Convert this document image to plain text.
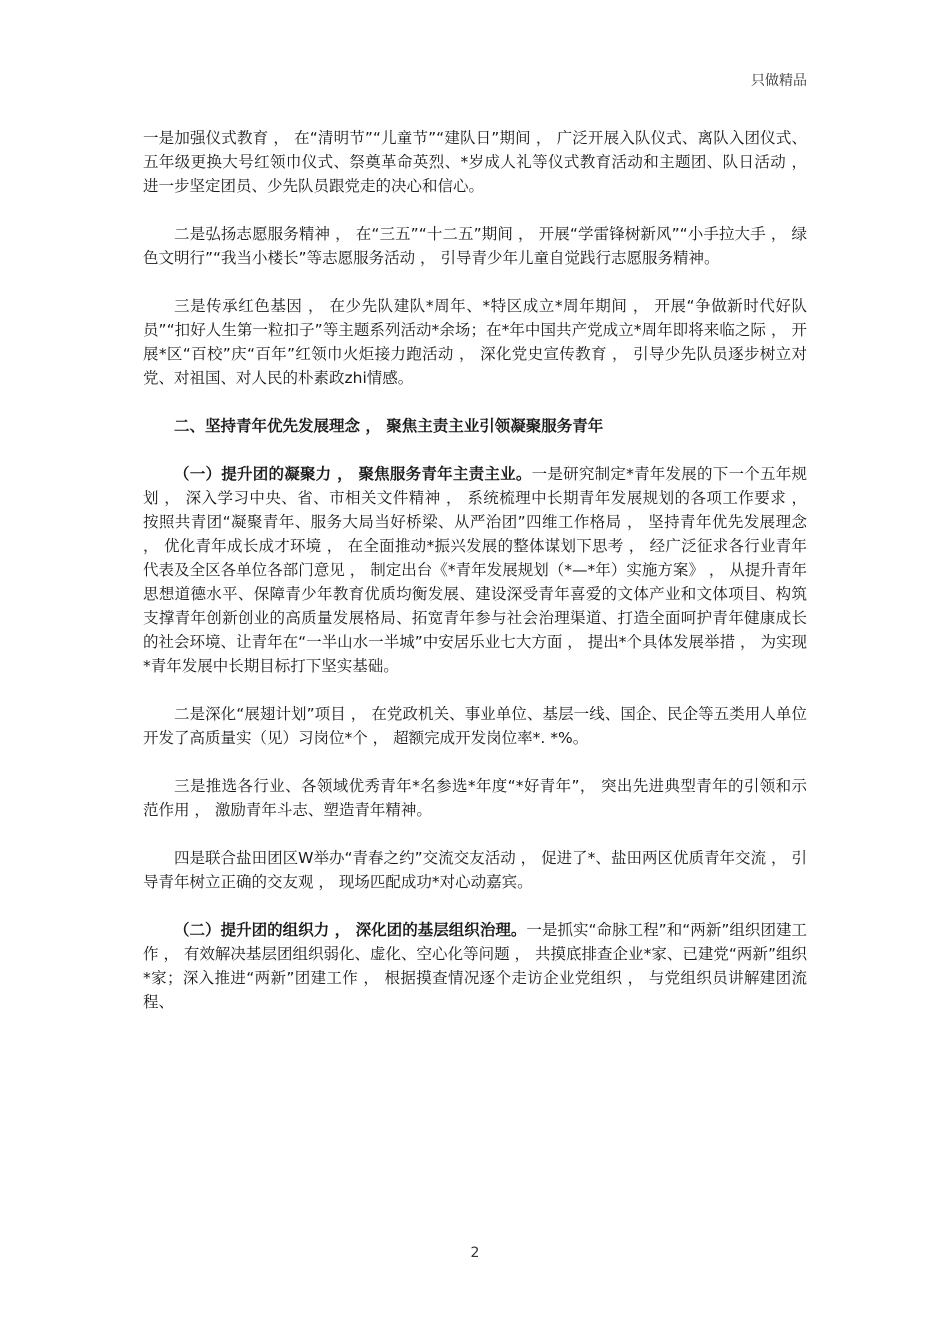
只做精品

一是加强仪式教育 ， 在“清明节”“儿童节”“建队日”期间 ， 广泛开展入队仪式、离队入团仪式、五年级更换大号红领巾仪式、祭奠革命英烈、*岁成人礼等仪式教育活动和主题团、队日活动 ， 进一步坚定团员、少先队员跟党走的决心和信心。

二是弘扬志愿服务精神 ， 在“三五”“十二五”期间 ， 开展“学雷锋树新风”“小手拉大手 ， 绿色文明行”“我当小楼长”等志愿服务活动 ， 引导青少年儿童自觉践行志愿服务精神。

三是传承红色基因 ， 在少先队建队*周年、*特区成立*周年期间 ， 开展“争做新时代好队员”“扣好人生第一粒扣子”等主题系列活动*余场；在*年中国共产党成立*周年即将来临之际 ， 开展*区“百校”庆“百年”红领巾火炬接力跑活动 ， 深化党史宣传教育 ， 引导少先队员逐步树立对党、对祖国、对人民的朴素政zhi情感。

二、坚持青年优先发展理念 ， 聚焦主责主业引领凝聚服务青年

（一）提升团的凝聚力 ， 聚焦服务青年主责主业。一是研究制定*青年发展的下一个五年规划 ， 深入学习中央、省、市相关文件精神 ， 系统梳理中长期青年发展规划的各项工作要求 ， 按照共青团“凝聚青年、服务大局当好桥梁、从严治团”四维工作格局 ， 坚持青年优先发展理念 ， 优化青年成长成才环境 ， 在全面推动*振兴发展的整体谋划下思考 ， 经广泛征求各行业青年代表及全区各单位各部门意见 ， 制定出台《*青年发展规划（*—*年）实施方案》 ， 从提升青年思想道德水平、保障青少年教育优质均衡发展、建设深受青年喜爱的文体产业和文体项目、构筑支撑青年创新创业的高质量发展格局、拓宽青年参与社会治理渠道、打造全面呵护青年健康成长的社会环境、让青年在“一半山水一半城”中安居乐业七大方面 ， 提出*个具体发展举措 ， 为实现*青年发展中长期目标打下坚实基础。

二是深化“展翅计划”项目 ， 在党政机关、事业单位、基层一线、国企、民企等五类用人单位开发了高质量实（见）习岗位*个 ， 超额完成开发岗位率*. *%。

三是推选各行业、各领域优秀青年*名参选*年度“*好青年”， 突出先进典型青年的引领和示范作用 ， 激励青年斗志、塑造青年精神。

四是联合盐田团区W举办“青春之约”交流交友活动 ， 促进了*、盐田两区优质青年交流 ， 引导青年树立正确的交友观 ， 现场匹配成功*对心动嘉宾。

（二）提升团的组织力 ， 深化团的基层组织治理。一是抓实“命脉工程”和“两新”组织团建工作 ， 有效解决基层团组织弱化、虚化、空心化等问题 ， 共摸底排查企业*家、已建党“两新”组织*家；深入推进“两新”团建工作 ， 根据摸查情况逐个走访企业党组织 ， 与党组织员讲解建团流程、

2
